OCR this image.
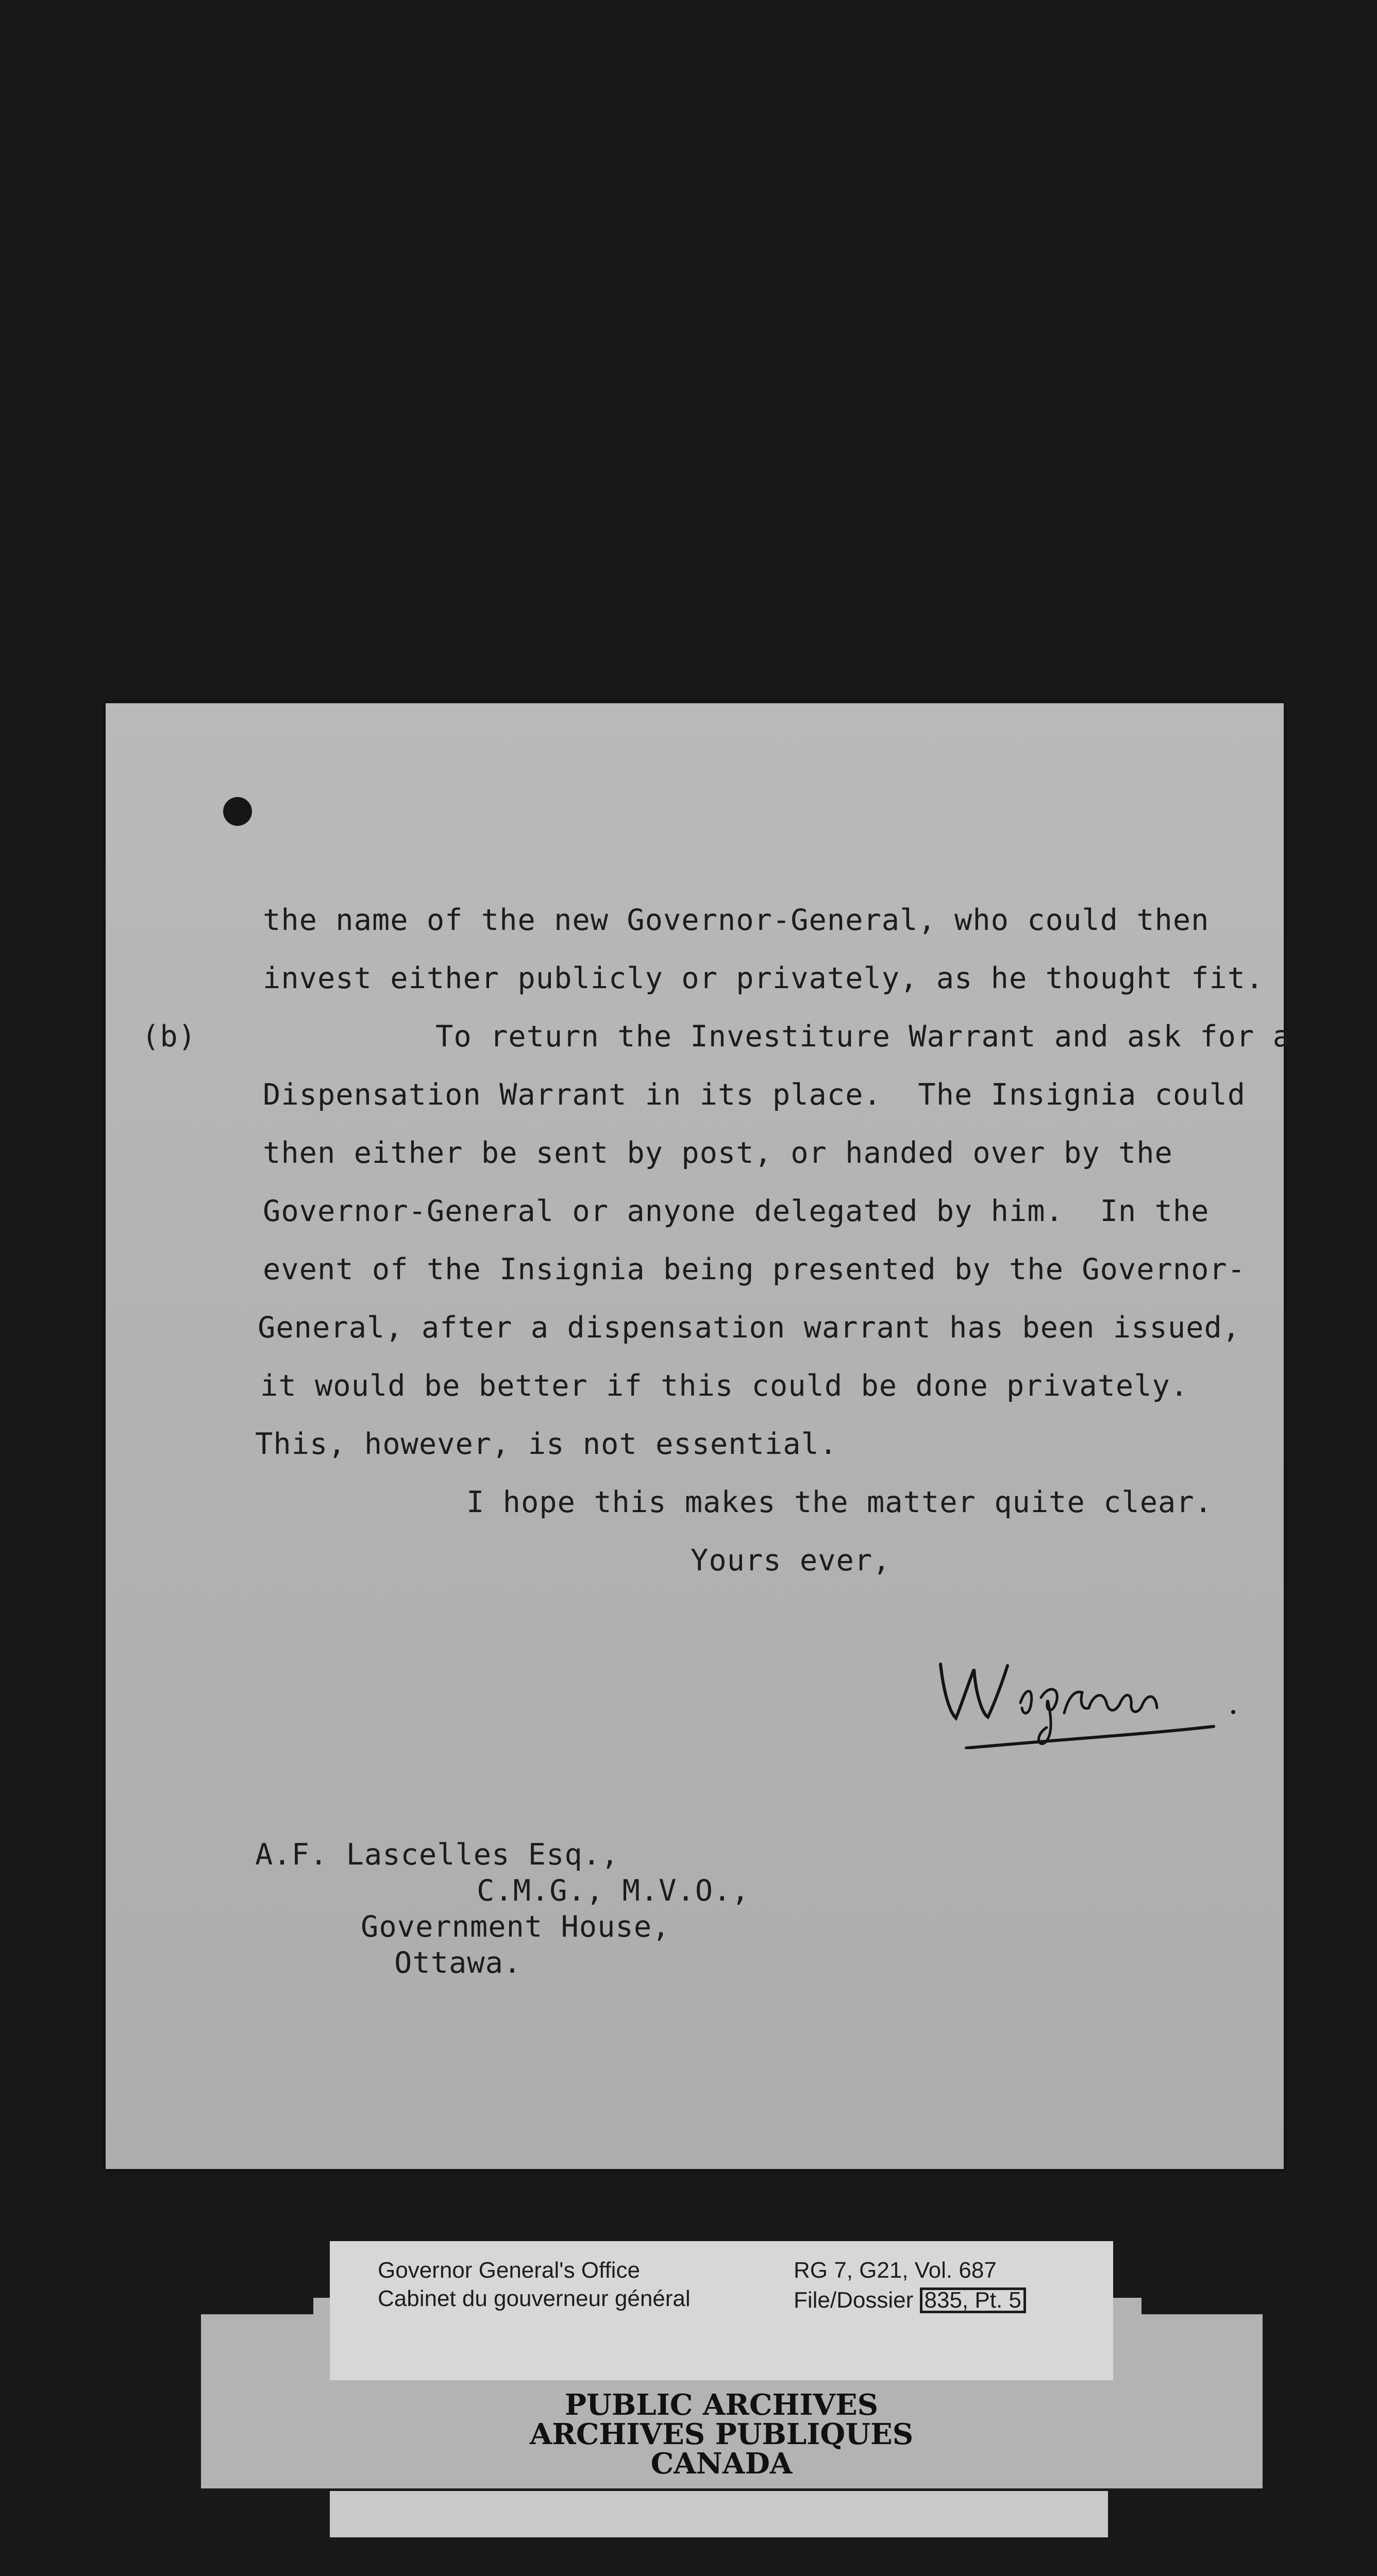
the name of the new Governor-General, who could then

invest either publicly or privately, as he thought fit.

(b)	To return the Investiture Warrant and ask for a

Dispensation Warrant in its place.  The Insignia could

then either be sent by post, or handed over by the

Governor-General or anyone delegated by him.  In the

event of the Insignia being presented by the Governor-

General, after a dispensation warrant has been issued,

it would be better if this could be done privately.

This, however, is not essential.

I hope this makes the matter quite clear.

Yours ever,

A.F. Lascelles Esq.,

C.M.G., M.V.O.,

Government House,

Ottawa.

Governor General's Office

Cabinet du gouverneur général

RG 7, G21, Vol. 687

File/Dossier 835, Pt. 5

PUBLIC ARCHIVES

ARCHIVES PUBLIQUES

CANADA
